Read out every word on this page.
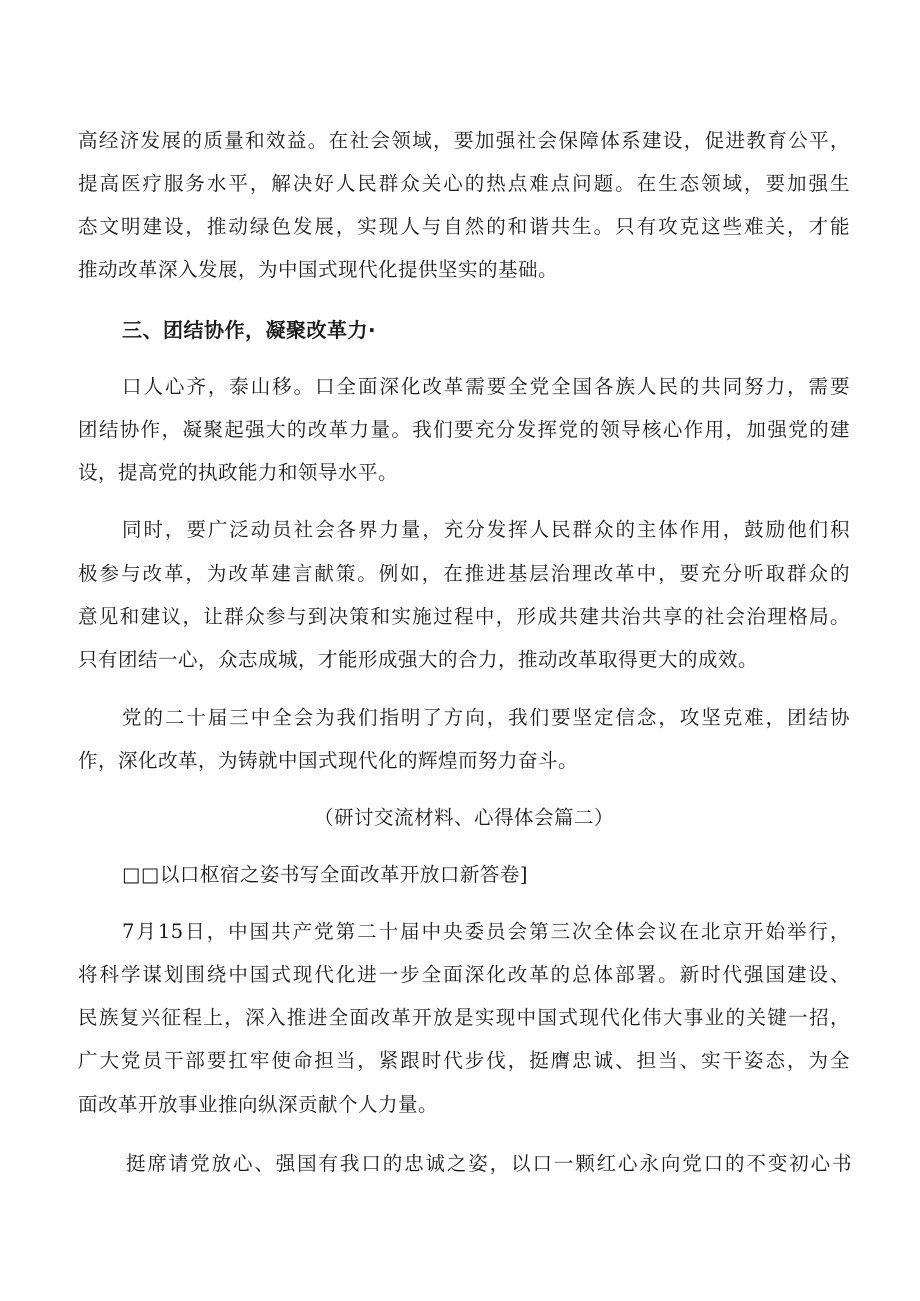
高经济发展的质量和效益。在社会领域，要加强社会保障体系建设，促进教育公平，
提高医疗服务水平，解决好人民群众关心的热点难点问题。在生态领域，要加强生
态文明建设，推动绿色发展，实现人与自然的和谐共生。只有攻克这些难关，才能
推动改革深入发展，为中国式现代化提供坚实的基础。
三、团结协作，凝聚改革力·
口人心齐，泰山移。口全面深化改革需要全党全国各族人民的共同努力，需要
团结协作，凝聚起强大的改革力量。我们要充分发挥党的领导核心作用，加强党的建
设，提高党的执政能力和领导水平。
同时，要广泛动员社会各界力量，充分发挥人民群众的主体作用，鼓励他们积
极参与改革，为改革建言献策。例如，在推进基层治理改革中，要充分听取群众的
意见和建议，让群众参与到决策和实施过程中，形成共建共治共享的社会治理格局。
只有团结一心，众志成城，才能形成强大的合力，推动改革取得更大的成效。
党的二十届三中全会为我们指明了方向，我们要坚定信念，攻坚克难，团结协
作，深化改革，为铸就中国式现代化的辉煌而努力奋斗。
（研讨交流材料、心得体会篇二）
□□以口枢宿之姿书写全面改革开放口新答卷]
7月15日，中国共产党第二十届中央委员会第三次全体会议在北京开始举行，
将科学谋划围绕中国式现代化进一步全面深化改革的总体部署。新时代强国建设、
民族复兴征程上，深入推进全面改革开放是实现中国式现代化伟大事业的关键一招，
广大党员干部要扛牢使命担当，紧跟时代步伐，挺膺忠诚、担当、实干姿态，为全
面改革开放事业推向纵深贡献个人力量。
挺席请党放心、强国有我口的忠诚之姿，以口一颗红心永向党口的不变初心书
